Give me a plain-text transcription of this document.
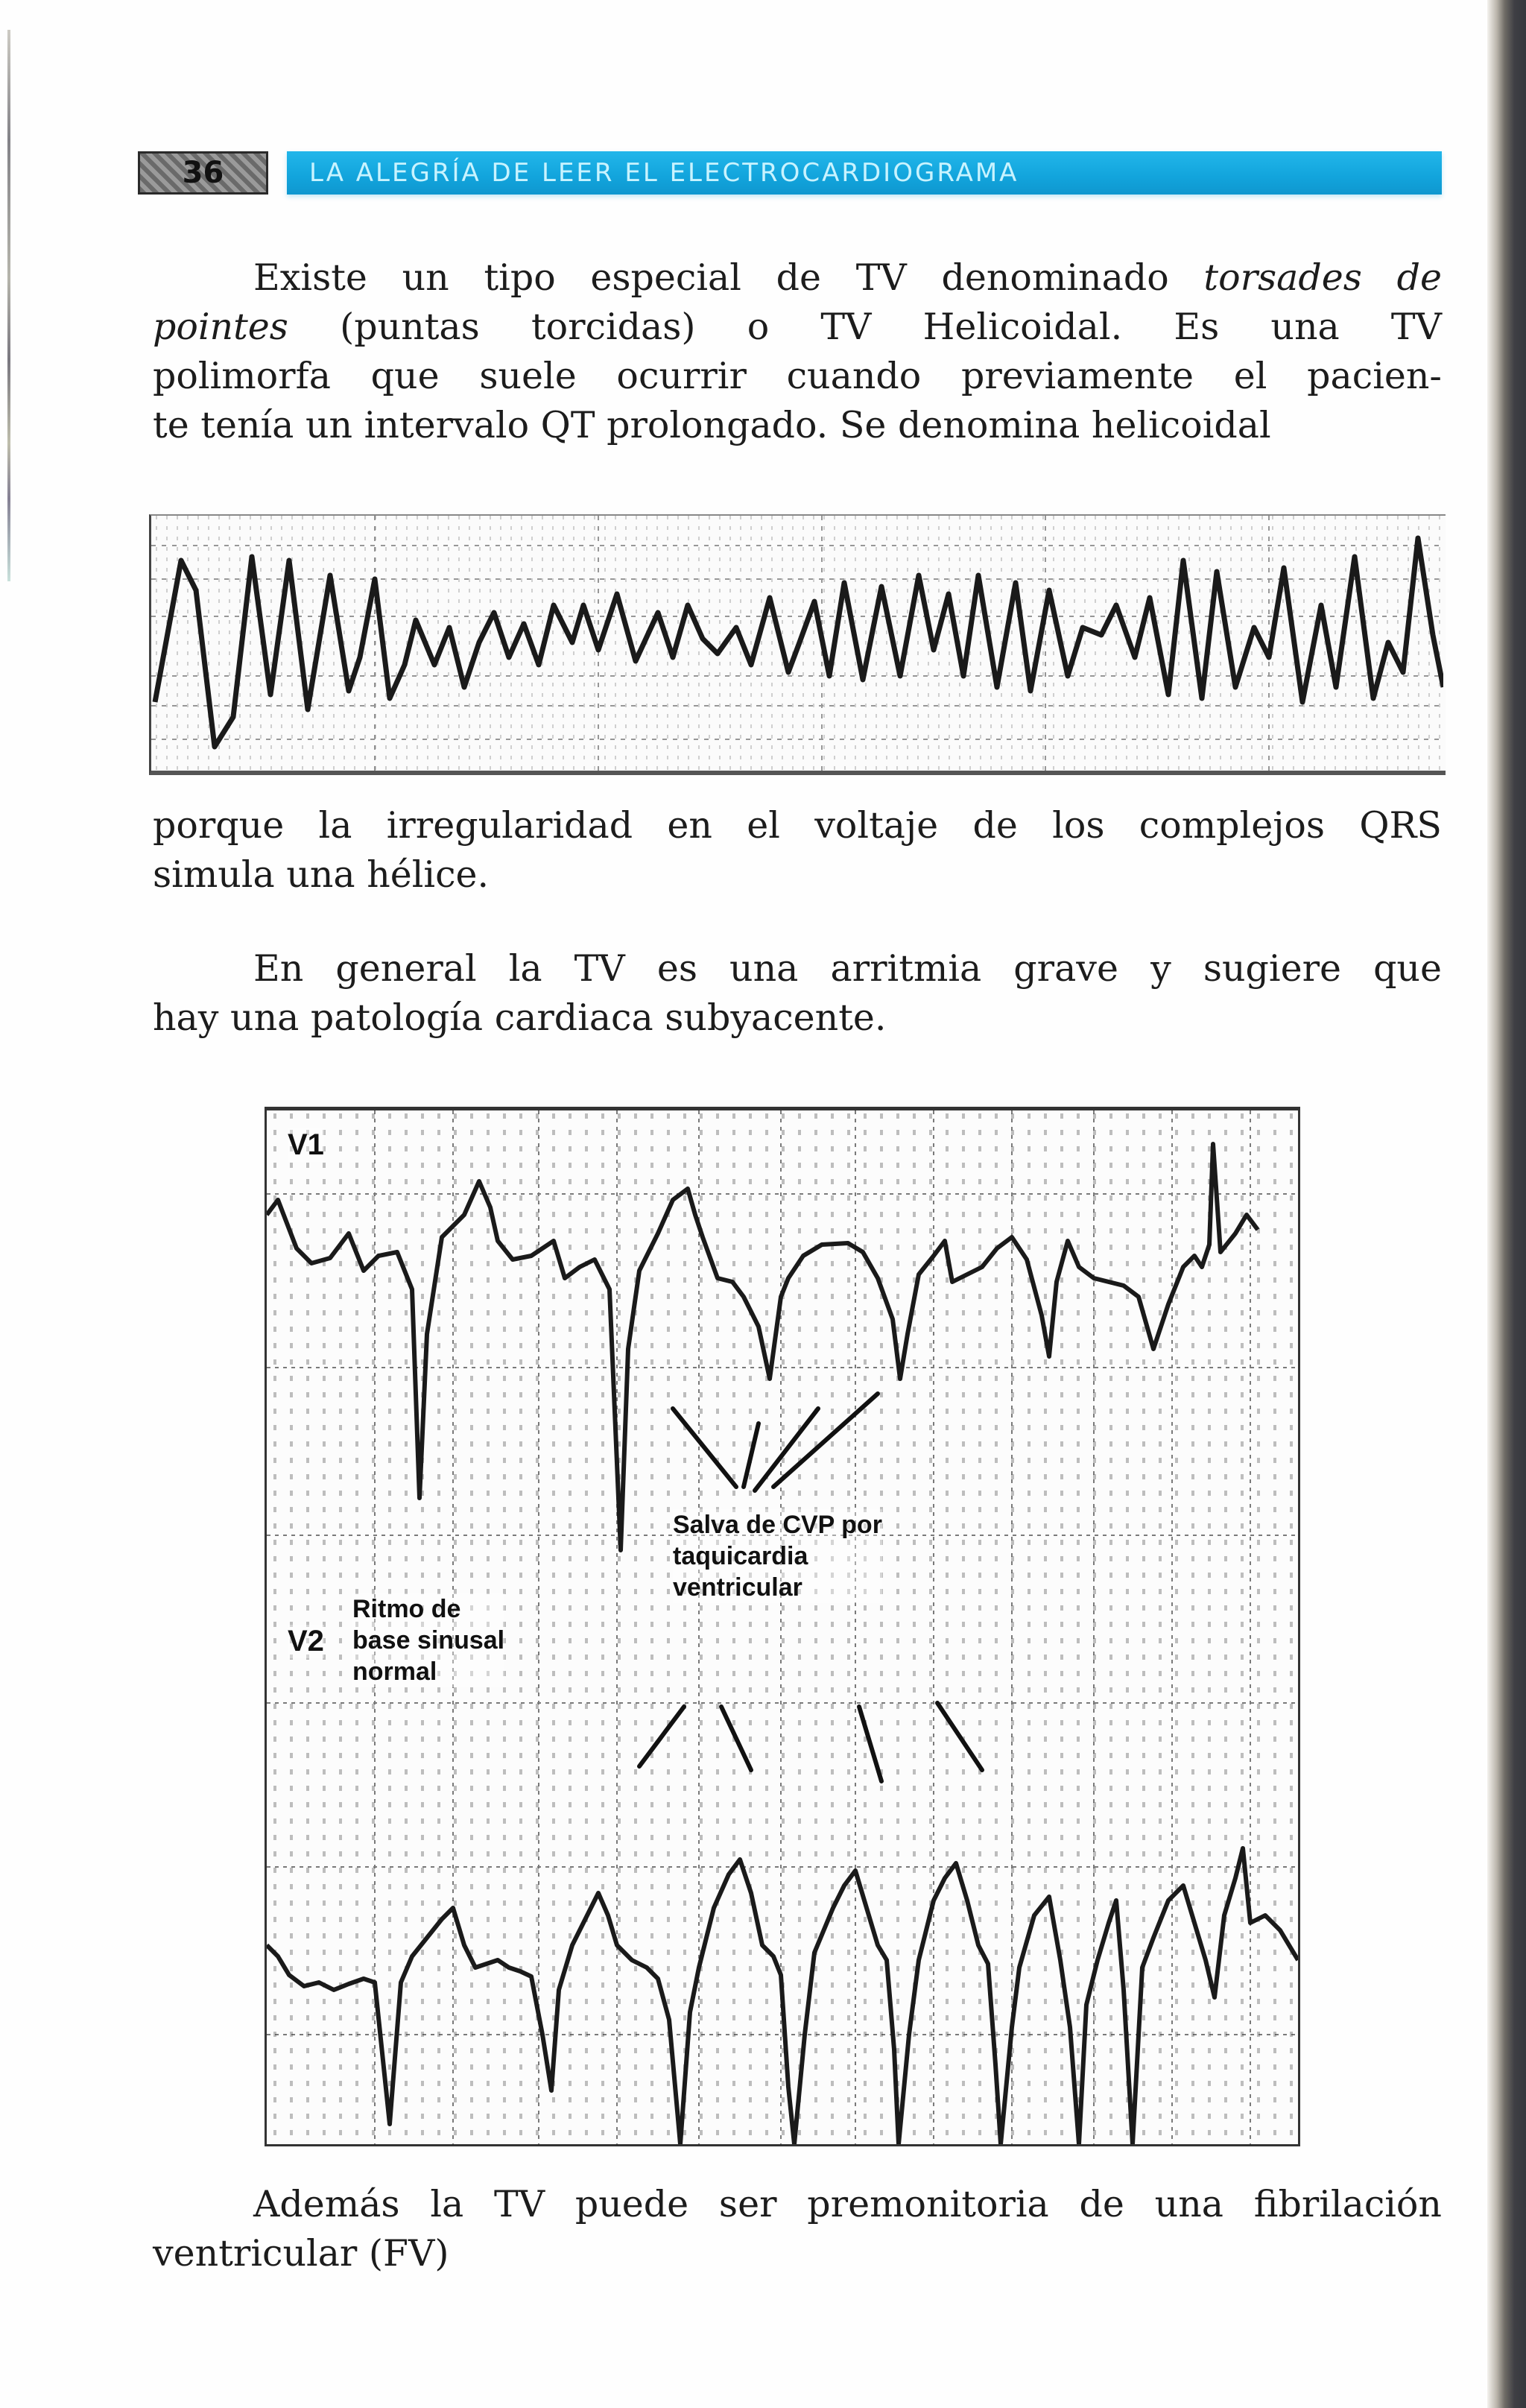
36	LA ALEGRÍA DE LEER EL ELECTROCARDIOGRAMA
Existe un tipo especial de TV denominado torsades de
pointes (puntas torcidas) o TV Helicoidal. Es una TV
polimorfa que suele ocurrir cuando previamente el pacien-
te tenía un intervalo QT prolongado. Se denomina helicoidal
porque la irregularidad en el voltaje de los complejos QRS
simula una hélice.
En general la TV es una arritmia grave y sugiere que
hay una patología cardiaca subyacente.
V1
V2
Ritmo de
base sinusal
normal
Salva de CVP por
taquicardia
ventricular
Además la TV puede ser premonitoria de una fibrilación
ventricular (FV)
